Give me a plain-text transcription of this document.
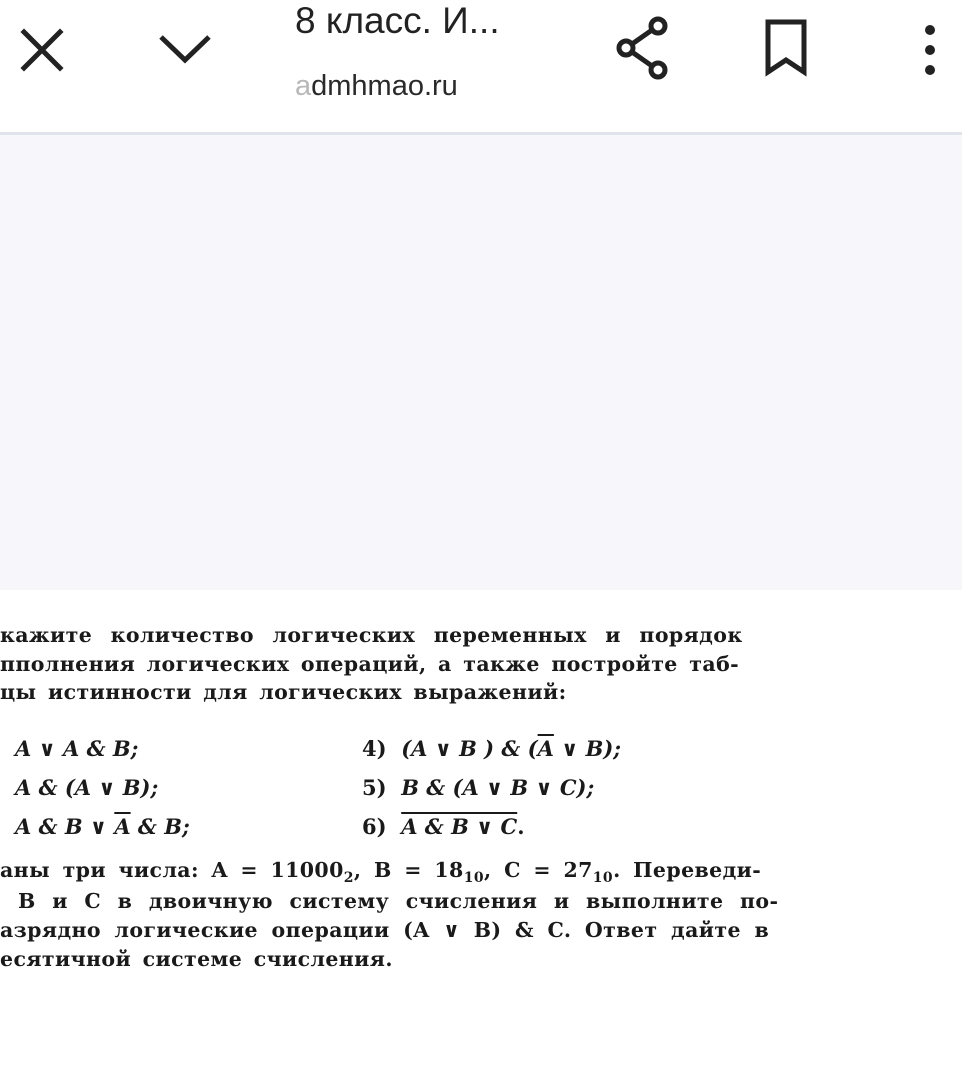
8 класс. И...
admhmao.ru
кажите количество логических переменных и порядок
пполнения логических операций, а также постройте таб-
цы истинности для логических выражений:
A ∨ A & B;
A & (A ∨ B);
A & B ∨ $\overline{A}$ & B;
4) (A ∨ B ) & ($\overline{A}$ ∨ B);
5) B & (A ∨ B ∨ C);
6) A & B ∨ C.
аны три числа: $A = 11000_2$, $B = 18_{10}$, $C = 27_{10}$. Переведи-
B и C в двоичную систему счисления и выполните по-
азрядно логические операции (A ∨ B) & C. Ответ дайте в
есятичной системе счисления.
